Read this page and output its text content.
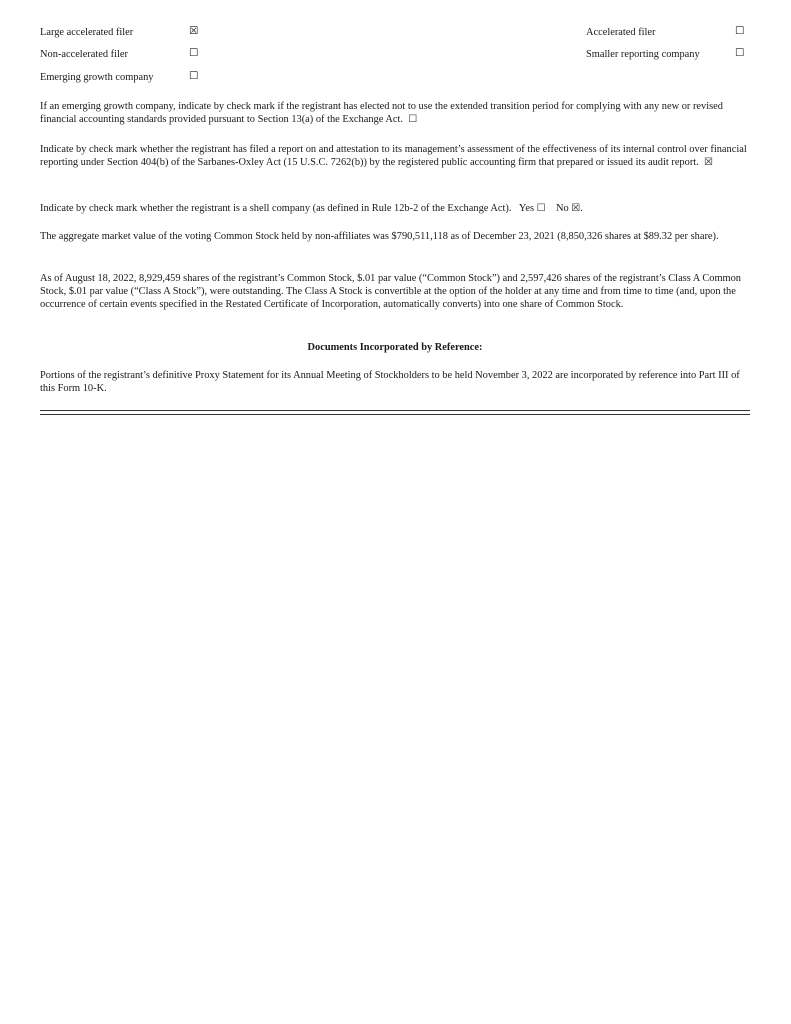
Large accelerated filer	☒	Accelerated filer	☐
Non-accelerated filer	☐	Smaller reporting company	☐
Emerging growth company	☐
If an emerging growth company, indicate by check mark if the registrant has elected not to use the extended transition period for complying with any new or revised financial accounting standards provided pursuant to Section 13(a) of the Exchange Act. ☐
Indicate by check mark whether the registrant has filed a report on and attestation to its management’s assessment of the effectiveness of its internal control over financial reporting under Section 404(b) of the Sarbanes-Oxley Act (15 U.S.C. 7262(b)) by the registered public accounting firm that prepared or issued its audit report. ☒
Indicate by check mark whether the registrant is a shell company (as defined in Rule 12b-2 of the Exchange Act). Yes ☐ No ☒.
The aggregate market value of the voting Common Stock held by non-affiliates was $790,511,118 as of December 23, 2021 (8,850,326 shares at $89.32 per share).
As of August 18, 2022, 8,929,459 shares of the registrant’s Common Stock, $.01 par value (“Common Stock”) and 2,597,426 shares of the registrant’s Class A Common Stock, $.01 par value (“Class A Stock”), were outstanding. The Class A Stock is convertible at the option of the holder at any time and from time to time (and, upon the occurrence of certain events specified in the Restated Certificate of Incorporation, automatically converts) into one share of Common Stock.
Documents Incorporated by Reference:
Portions of the registrant’s definitive Proxy Statement for its Annual Meeting of Stockholders to be held November 3, 2022 are incorporated by reference into Part III of this Form 10-K.
